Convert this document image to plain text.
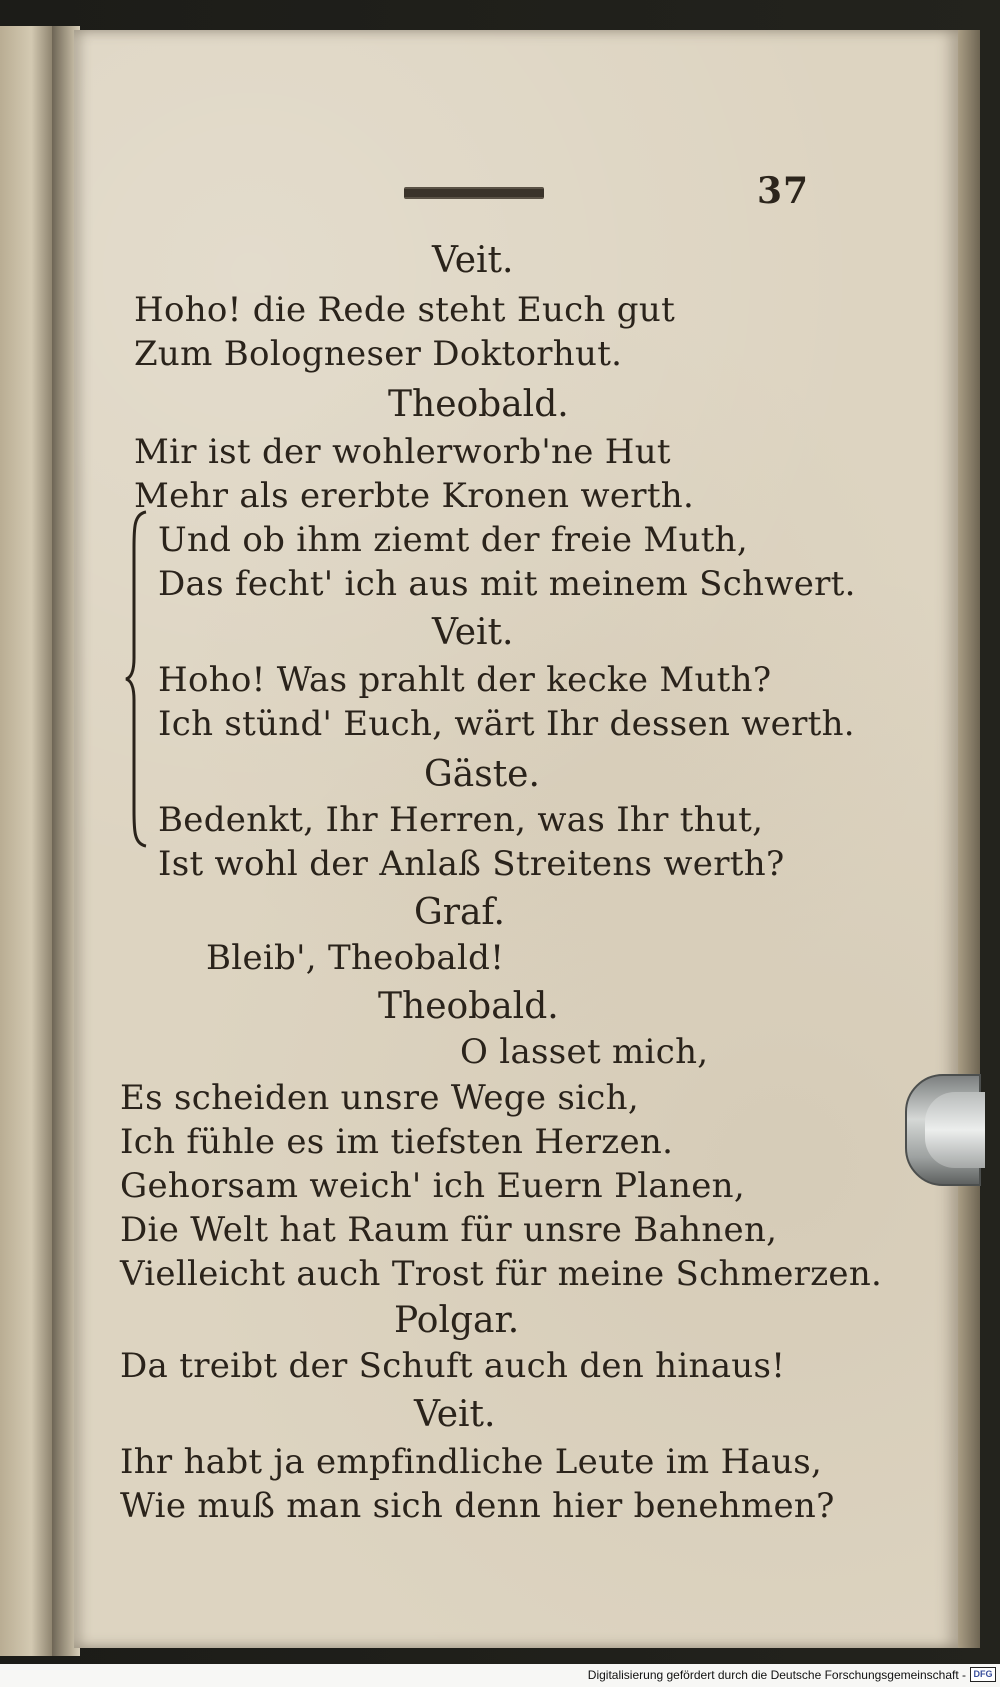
37
Veit.
Hoho! die Rede steht Euch gut
Zum Bologneser Doktorhut.
Theobald.
Mir ist der wohlerworb'ne Hut
Mehr als ererbte Kronen werth.
Und ob ihm ziemt der freie Muth,
Das fecht' ich aus mit meinem Schwert.
Veit.
Hoho! Was prahlt der kecke Muth?
Ich stünd' Euch, wärt Ihr dessen werth.
Gäste.
Bedenkt, Ihr Herren, was Ihr thut,
Ist wohl der Anlaß Streitens werth?
Graf.
Bleib', Theobald!
Theobald.
O lasset mich,
Es scheiden unsre Wege sich,
Ich fühle es im tiefsten Herzen.
Gehorsam weich' ich Euern Planen,
Die Welt hat Raum für unsre Bahnen,
Vielleicht auch Trost für meine Schmerzen.
Polgar.
Da treibt der Schuft auch den hinaus!
Veit.
Ihr habt ja empfindliche Leute im Haus,
Wie muß man sich denn hier benehmen?
Digitalisierung gefördert durch die Deutsche Forschungsgemeinschaft - DFG
